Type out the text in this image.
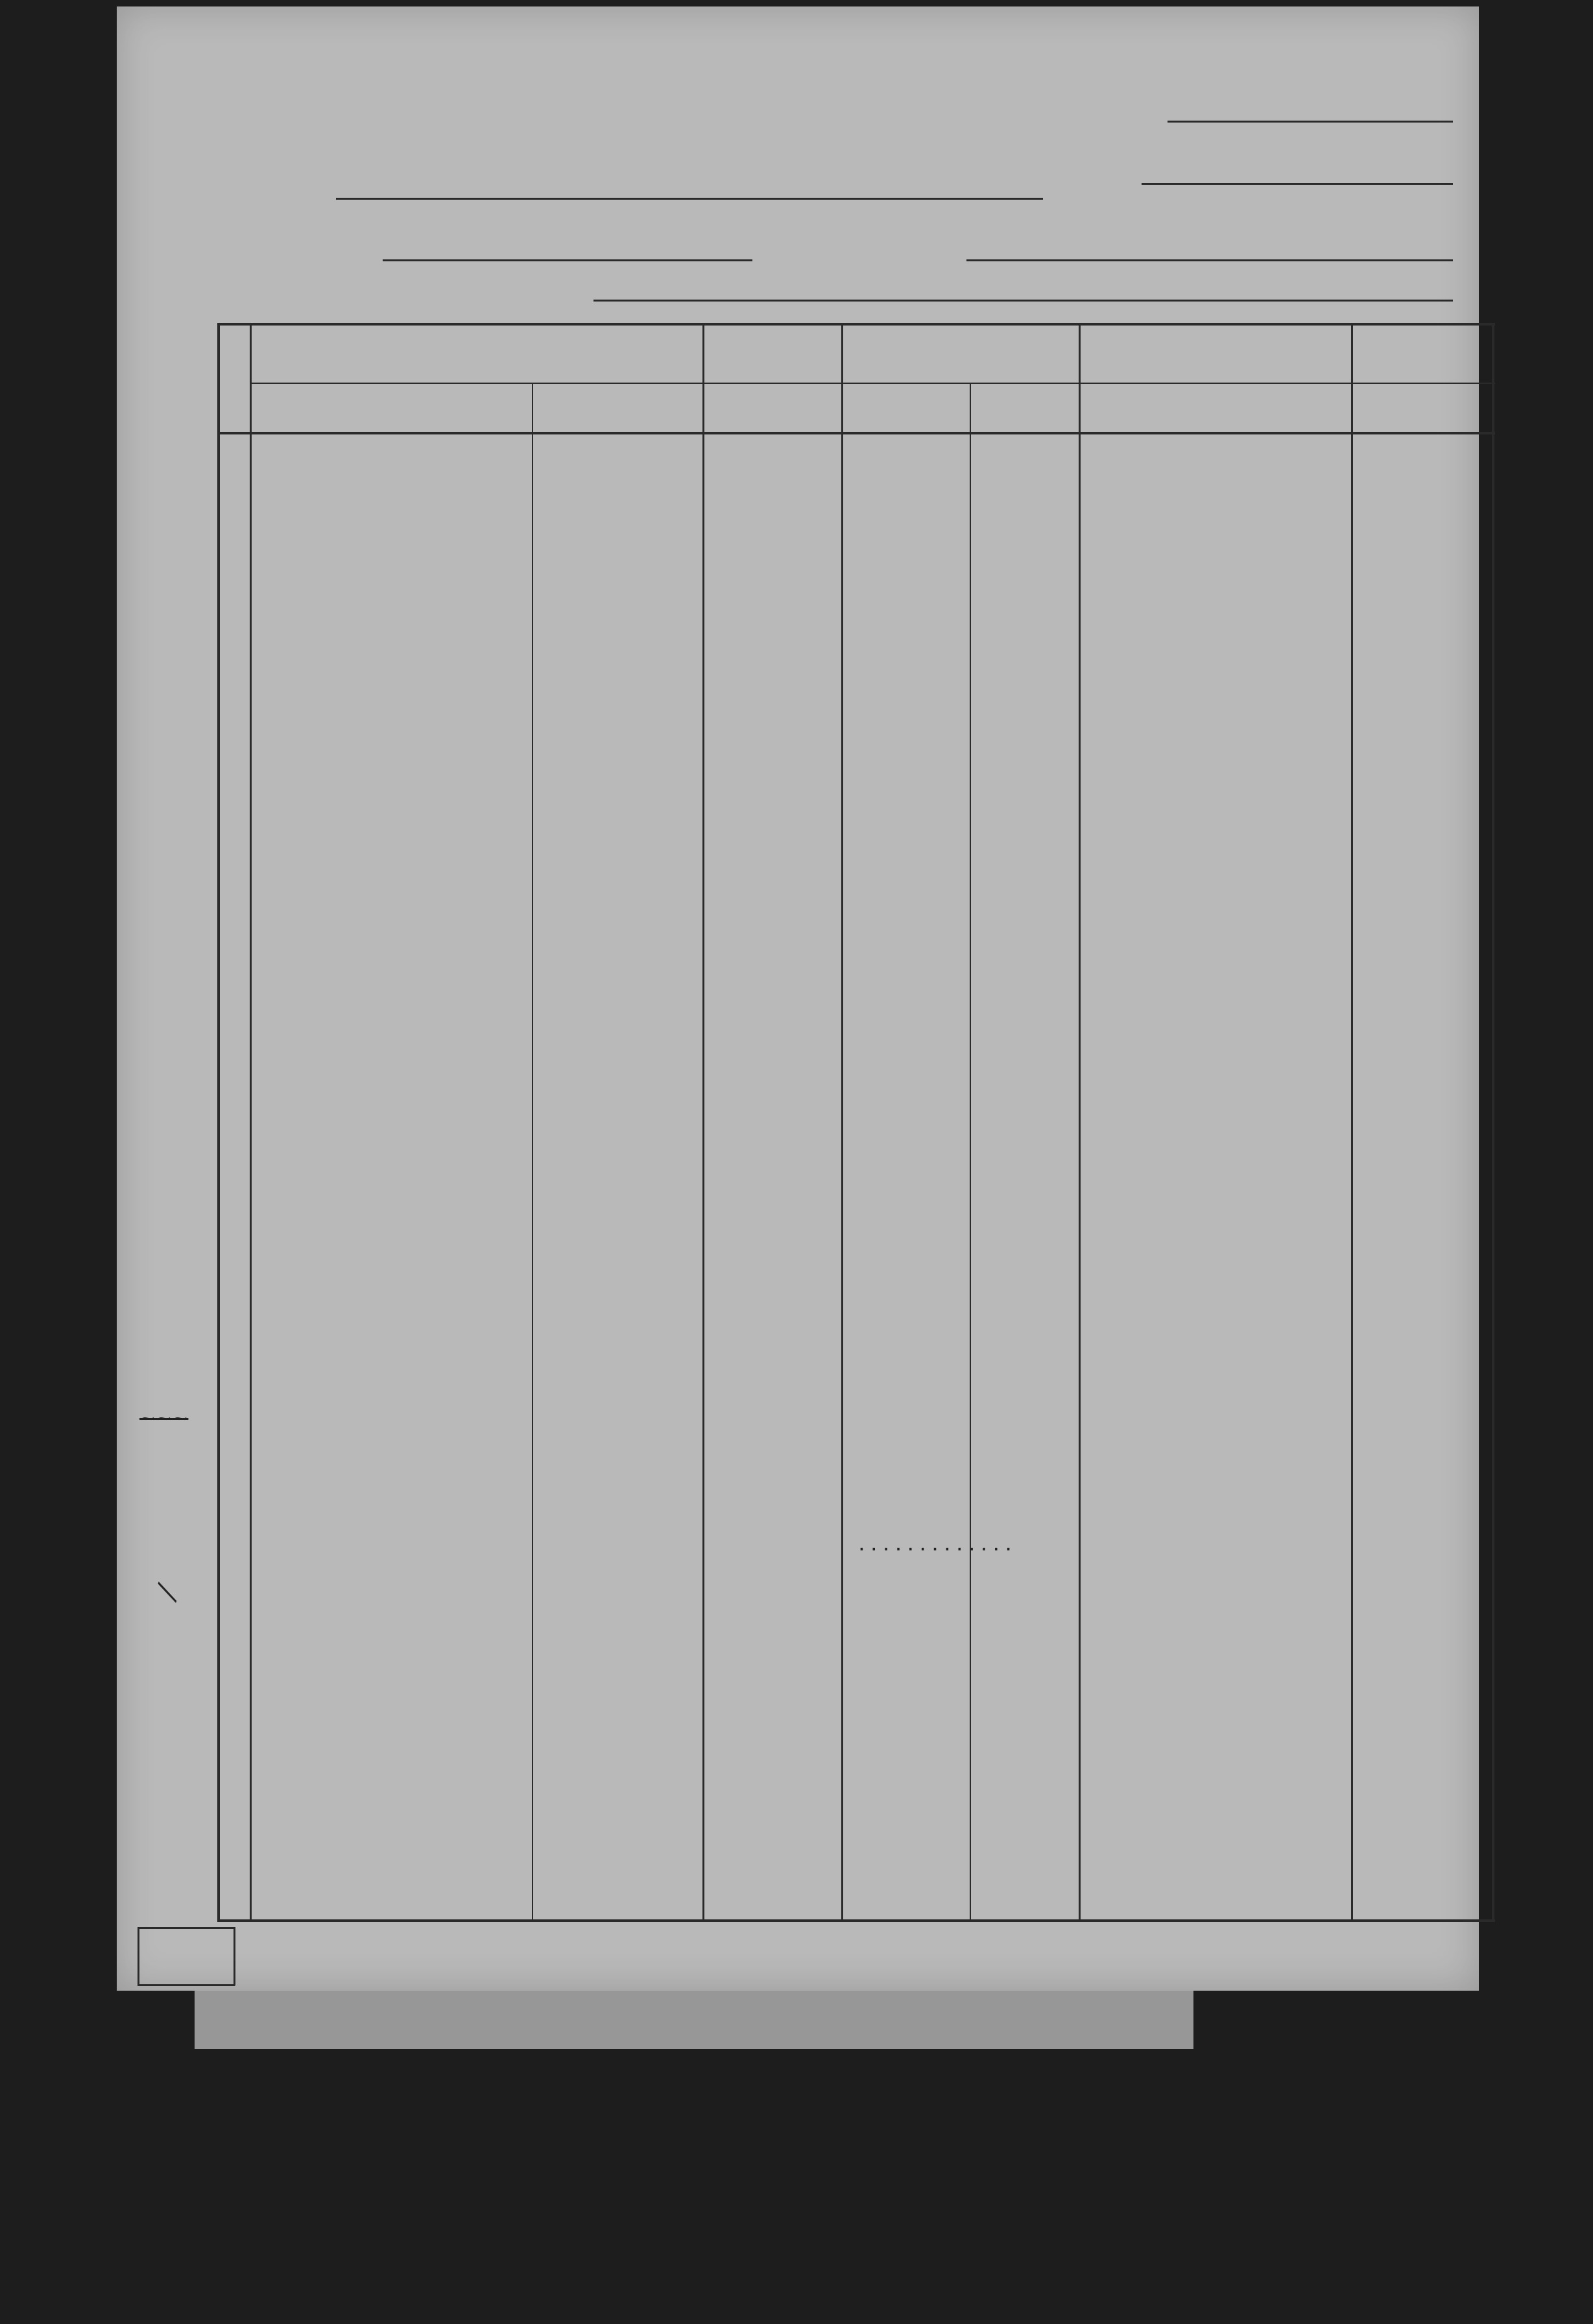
.............
/
~~~
